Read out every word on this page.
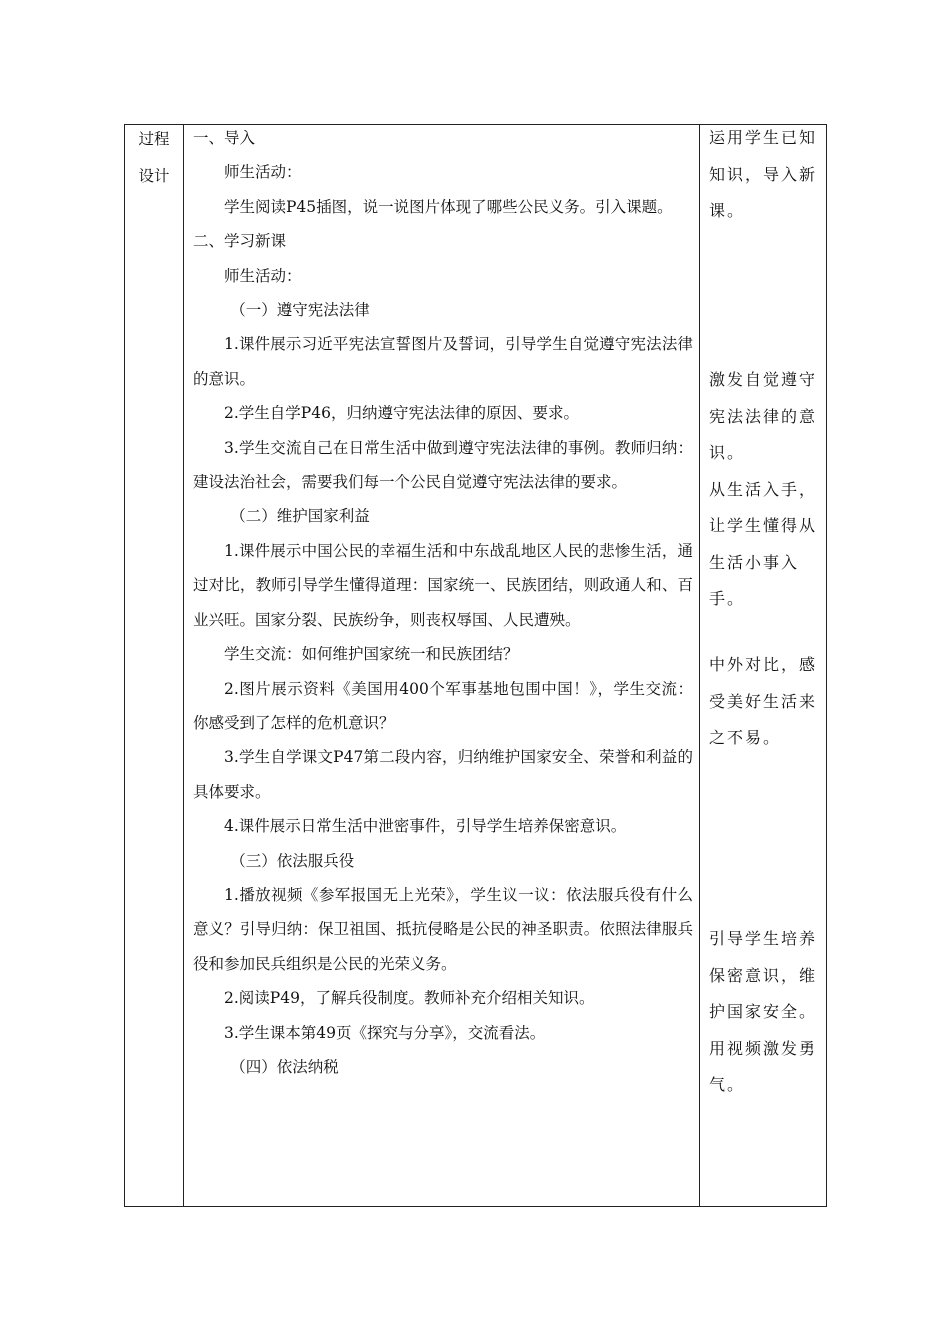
过程
设计

一、导入

师生活动：

学生阅读P45插图，说一说图片体现了哪些公民义务。引入课题。

二、学习新课

师生活动：

（一）遵守宪法法律

1.课件展示习近平宪法宣誓图片及誓词，引导学生自觉遵守宪法法律的意识。

2.学生自学P46，归纳遵守宪法法律的原因、要求。

3.学生交流自己在日常生活中做到遵守宪法法律的事例。教师归纳：建设法治社会，需要我们每一个公民自觉遵守宪法法律的要求。

（二）维护国家利益

1.课件展示中国公民的幸福生活和中东战乱地区人民的悲惨生活，通过对比，教师引导学生懂得道理：国家统一、民族团结，则政通人和、百业兴旺。国家分裂、民族纷争，则丧权辱国、人民遭殃。

学生交流：如何维护国家统一和民族团结？

2.图片展示资料《美国用400个军事基地包围中国！》，学生交流：你感受到了怎样的危机意识？

3.学生自学课文P47第二段内容，归纳维护国家安全、荣誉和利益的具体要求。

4.课件展示日常生活中泄密事件，引导学生培养保密意识。

（三）依法服兵役

1.播放视频《参军报国无上光荣》，学生议一议：依法服兵役有什么意义？引导归纳：保卫祖国、抵抗侵略是公民的神圣职责。依照法律服兵役和参加民兵组织是公民的光荣义务。

2.阅读P49，了解兵役制度。教师补充介绍相关知识。

3.学生课本第49页《探究与分享》，交流看法。

（四）依法纳税

运用学生已知
知识，导入新
课。
激发自觉遵守
宪法法律的意
识。
从生活入手，
让学生懂得从
生活小事入
手。
中外对比，感
受美好生活来
之不易。
引导学生培养
保密意识，维
护国家安全。
用视频激发勇
气。
